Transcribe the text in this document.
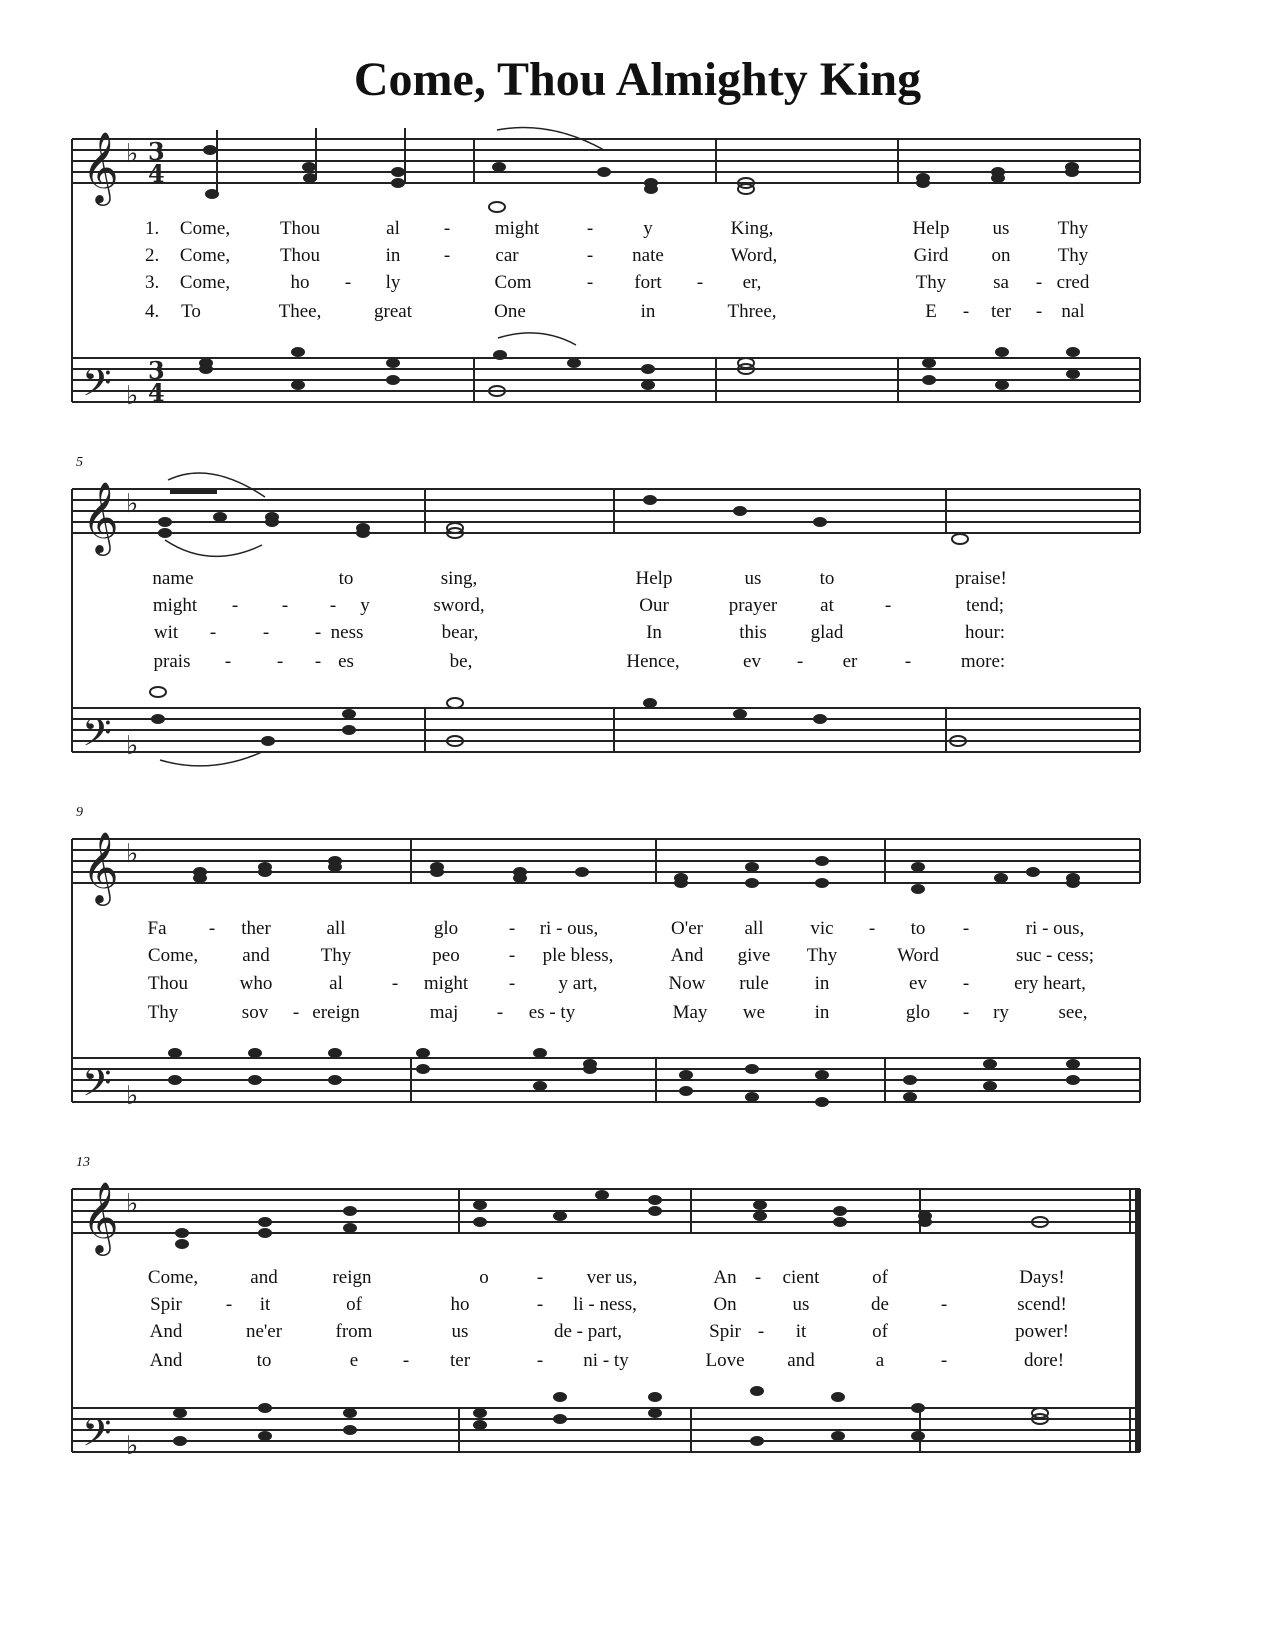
Come, Thou Almighty King
5
9
13
𝄞
𝄢
𝄞
𝄢
𝄞
𝄢
𝄞
𝄢
♭
♭
♭
♭
♭
♭
♭
♭
3
4
3
4
1.
2.
3.
4.
Come,	Thou	al - might	-	y	King,	Help us	Thy
Come,	Thou	in - car	- nate	Word,	Gird on Thy
Come,	ho - ly	Com	- fort - er,	Thy sa - cred
To	Thee,	great	One	in	Three,	E - ter - nal
name	to	sing,	Help	us	to	praise!
might - - - y	sword,	Our	prayer at	-	tend;
wit - - - ness	bear,	In	this glad	hour:
prais - - - es	be,	Hence,	ev - er -	more:
Fa - ther	all	glo	- ri - ous,	O'er all vic - to -	ri - ous,
Come, and	Thy	peo	- ple bless,	And give Thy	Word	suc - cess;
Thou	who	al	- might - y art,	Now rule in	ev - ery heart,
Thy	sov - ereign	maj - es - ty	May we	in	glo - ry	see,
Come,	and	reign	o	- ver us,	An - cient	of	Days!
Spir - it	of	ho	- li - ness,	On	us	de	-	scend!
And	ne'er	from	us	de - part,	Spir - it	of	power!
And	to	e - ter	- ni - ty	Love and	a	-	dore!
